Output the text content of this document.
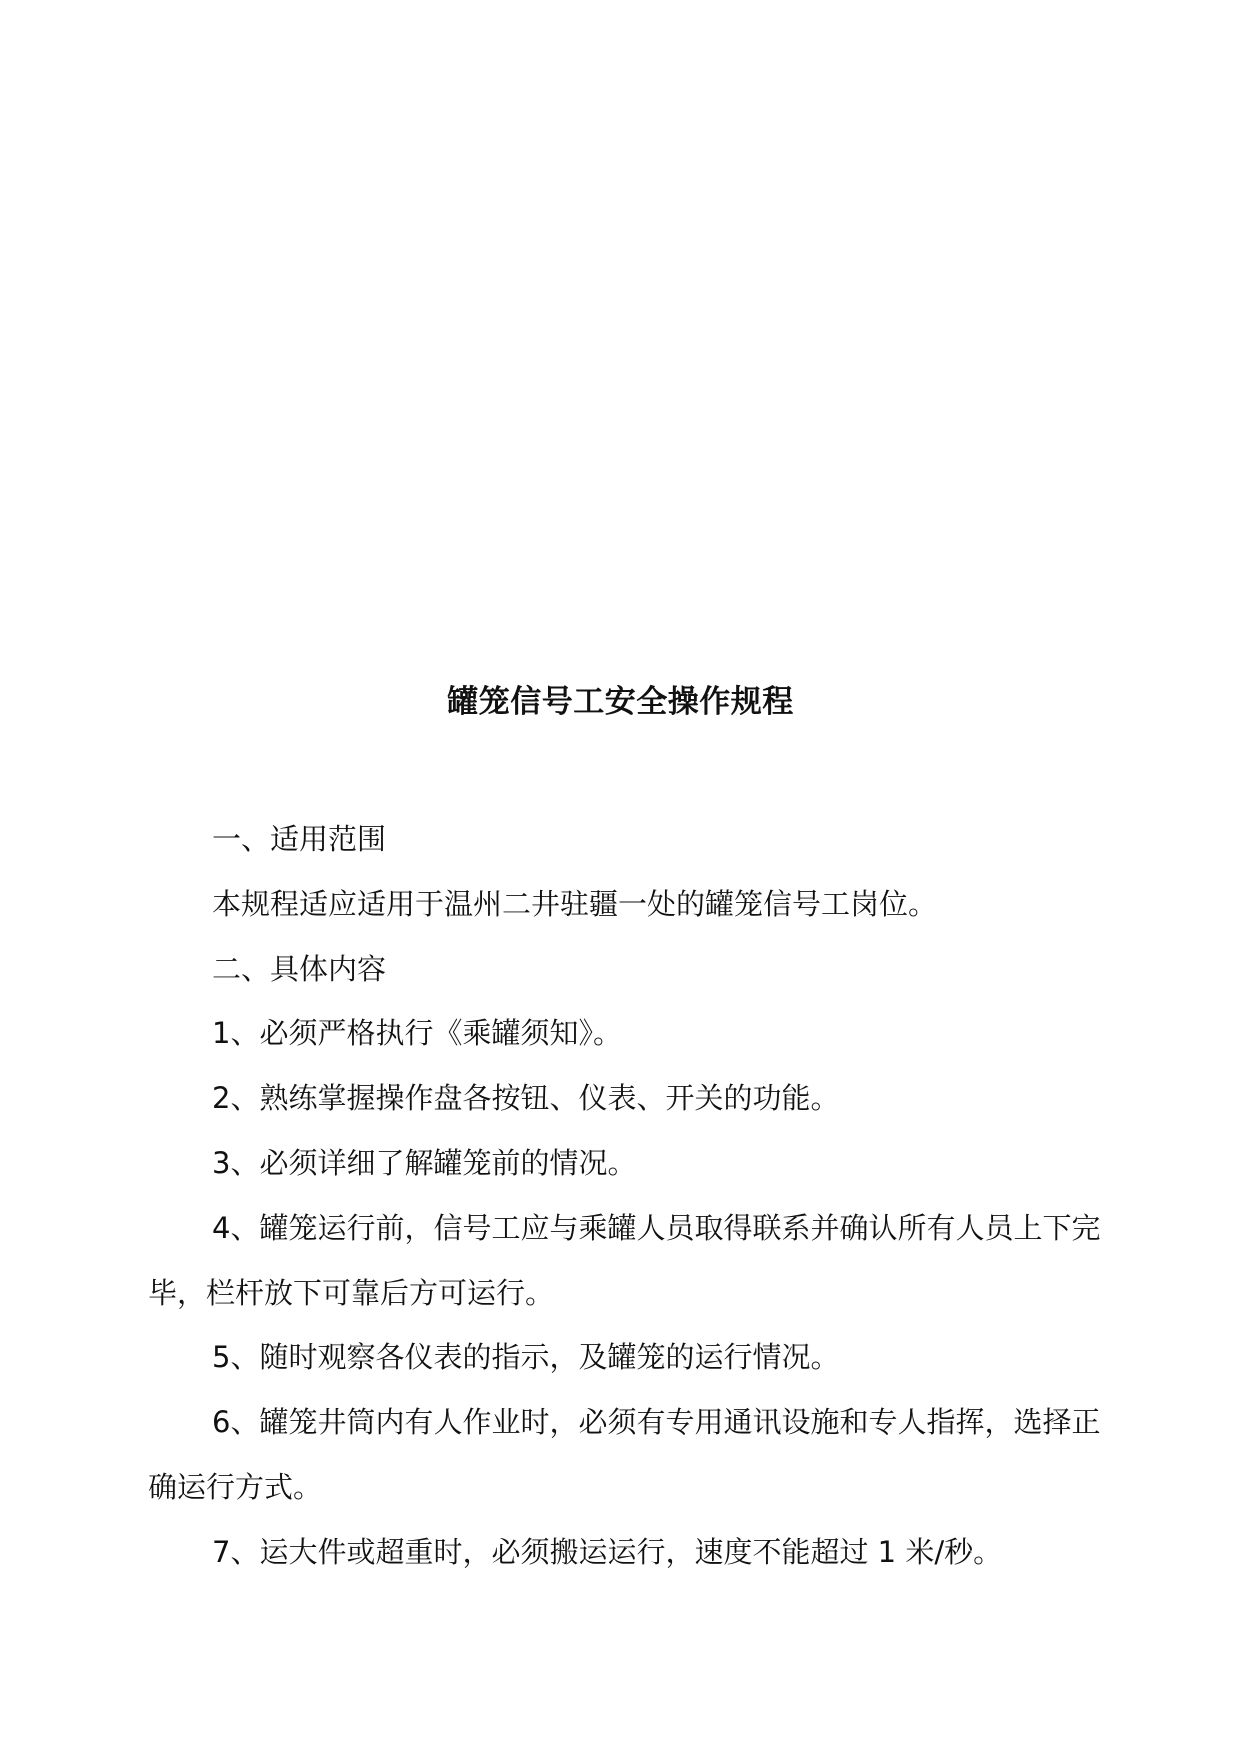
罐笼信号工安全操作规程

一、适用范围

本规程适应适用于温州二井驻疆一处的罐笼信号工岗位。

二、具体内容

1、必须严格执行《乘罐须知》。

2、熟练掌握操作盘各按钮、仪表、开关的功能。

3、必须详细了解罐笼前的情况。

4、罐笼运行前，信号工应与乘罐人员取得联系并确认所有人员上下完毕，栏杆放下可靠后方可运行。

5、随时观察各仪表的指示，及罐笼的运行情况。

6、罐笼井筒内有人作业时，必须有专用通讯设施和专人指挥，选择正确运行方式。

7、运大件或超重时，必须搬运运行，速度不能超过 1 米/秒。
